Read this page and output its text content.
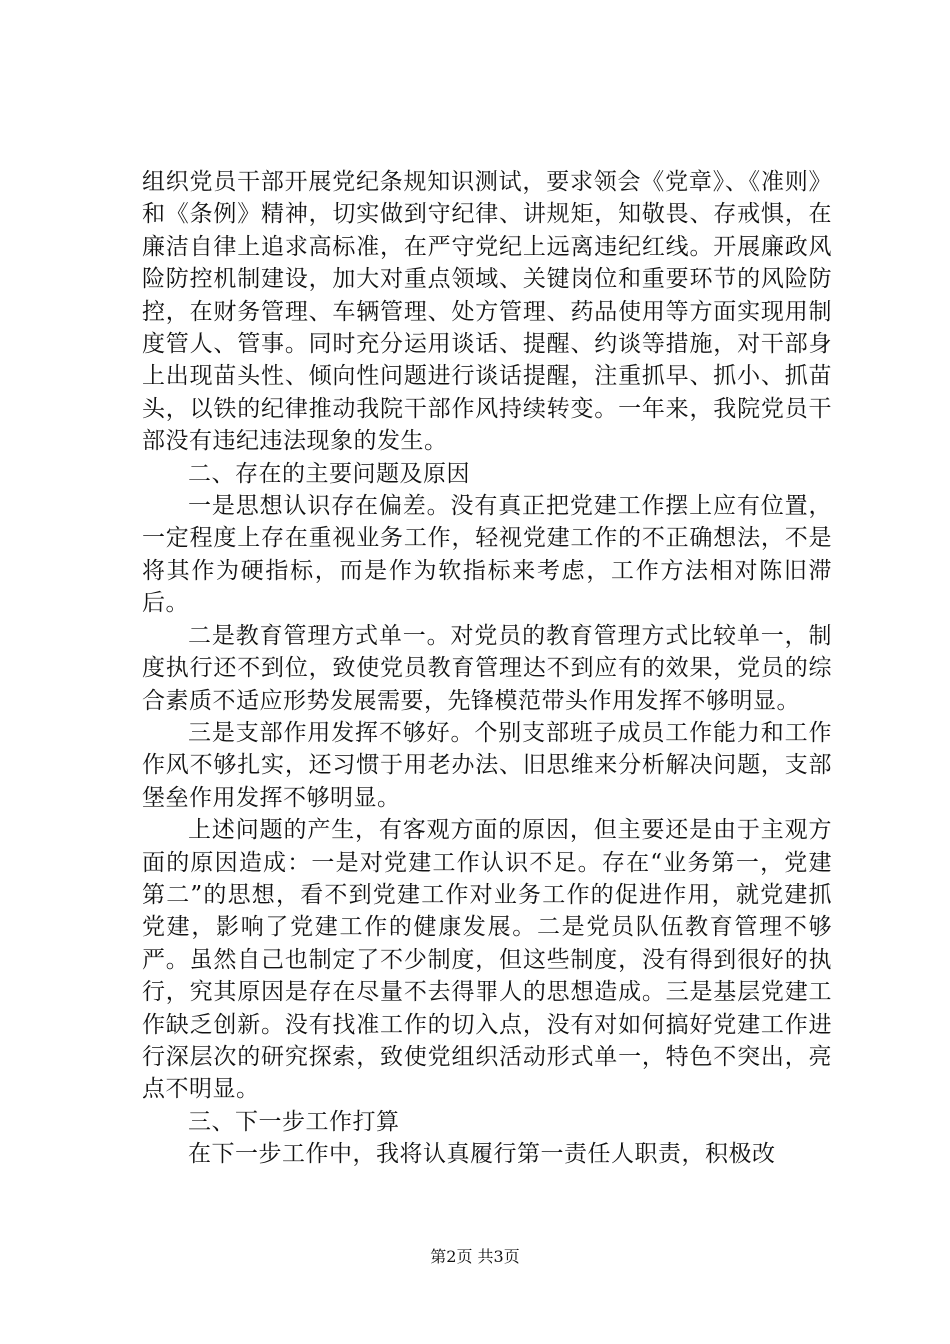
组织党员干部开展党纪条规知识测试，要求领会《党章》、《准则》和《条例》精神，切实做到守纪律、讲规矩，知敬畏、存戒惧，在廉洁自律上追求高标准，在严守党纪上远离违纪红线。开展廉政风险防控机制建设，加大对重点领域、关键岗位和重要环节的风险防控，在财务管理、车辆管理、处方管理、药品使用等方面实现用制度管人、管事。同时充分运用谈话、提醒、约谈等措施，对干部身上出现苗头性、倾向性问题进行谈话提醒，注重抓早、抓小、抓苗头，以铁的纪律推动我院干部作风持续转变。一年来，我院党员干部没有违纪违法现象的发生。

二、存在的主要问题及原因

一是思想认识存在偏差。没有真正把党建工作摆上应有位置，一定程度上存在重视业务工作，轻视党建工作的不正确想法，不是将其作为硬指标，而是作为软指标来考虑，工作方法相对陈旧滞后。

二是教育管理方式单一。对党员的教育管理方式比较单一，制度执行还不到位，致使党员教育管理达不到应有的效果，党员的综合素质不适应形势发展需要，先锋模范带头作用发挥不够明显。

三是支部作用发挥不够好。个别支部班子成员工作能力和工作作风不够扎实，还习惯于用老办法、旧思维来分析解决问题，支部堡垒作用发挥不够明显。

上述问题的产生，有客观方面的原因，但主要还是由于主观方面的原因造成：一是对党建工作认识不足。存在“业务第一，党建第二”的思想，看不到党建工作对业务工作的促进作用，就党建抓党建，影响了党建工作的健康发展。二是党员队伍教育管理不够严。虽然自己也制定了不少制度，但这些制度，没有得到很好的执行，究其原因是存在尽量不去得罪人的思想造成。三是基层党建工作缺乏创新。没有找准工作的切入点，没有对如何搞好党建工作进行深层次的研究探索，致使党组织活动形式单一，特色不突出，亮点不明显。

三、下一步工作打算

在下一步工作中，我将认真履行第一责任人职责，积极改

第2页 共3页
